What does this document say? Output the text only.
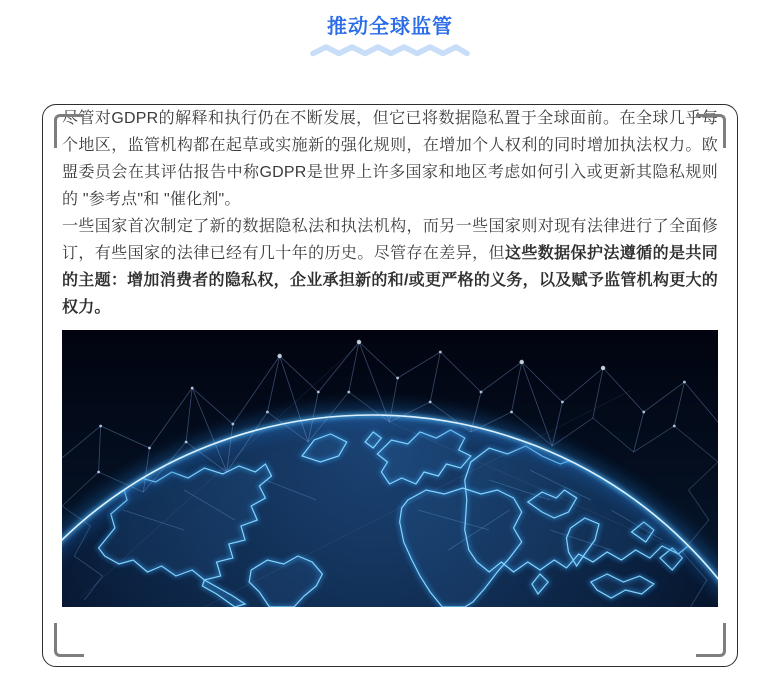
推动全球监管

尽管对GDPR的解释和执行仍在不断发展，但它已将数据隐私置于全球面前。在全球几乎每个地区，监管机构都在起草或实施新的强化规则，在增加个人权利的同时增加执法权力。欧盟委员会在其评估报告中称GDPR是世界上许多国家和地区考虑如何引入或更新其隐私规则的 "参考点"和 "催化剂"。

一些国家首次制定了新的数据隐私法和执法机构，而另一些国家则对现有法律进行了全面修订，有些国家的法律已经有几十年的历史。尽管存在差异，但这些数据保护法遵循的是共同的主题：增加消费者的隐私权，企业承担新的和/或更严格的义务，以及赋予监管机构更大的权力。
